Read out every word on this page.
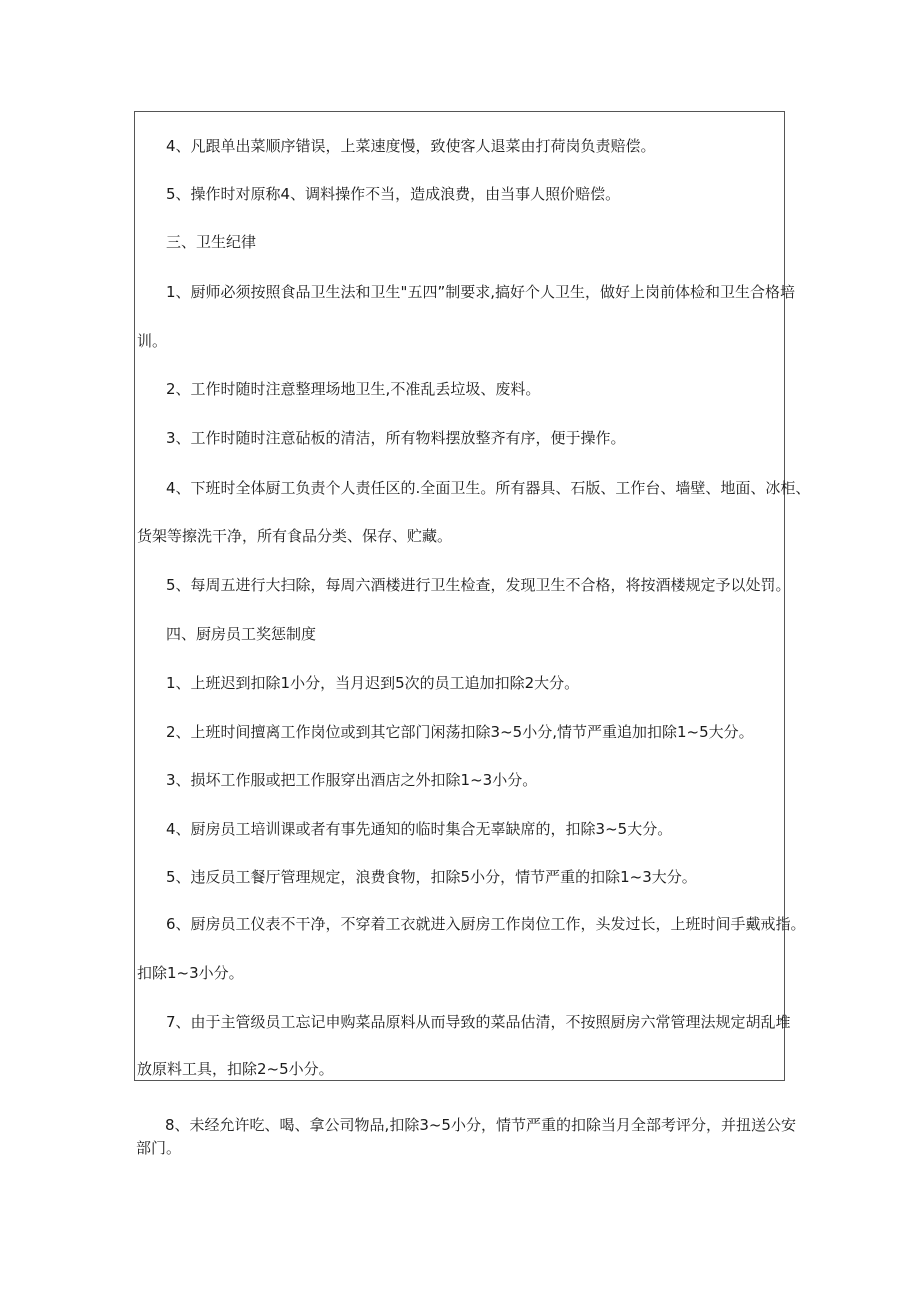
4、凡跟单出菜顺序错误，上菜速度慢，致使客人退菜由打荷岗负责赔偿。
5、操作时对原称4、调料操作不当，造成浪费，由当事人照价赔偿。
三、卫生纪律
1、厨师必须按照食品卫生法和卫生"五四”制要求,搞好个人卫生，做好上岗前体检和卫生合格培
训。
2、工作时随时注意整理场地卫生,不准乱丢垃圾、废料。
3、工作时随时注意砧板的清洁，所有物料摆放整齐有序，便于操作。
4、下班时全体厨工负责个人责任区的.全面卫生。所有器具、石版、工作台、墙壁、地面、冰柜、
货架等擦洗干净，所有食品分类、保存、贮藏。
5、每周五进行大扫除，每周六酒楼进行卫生检查，发现卫生不合格，将按酒楼规定予以处罚。
四、厨房员工奖惩制度
1、上班迟到扣除1小分，当月迟到5次的员工追加扣除2大分。
2、上班时间擅离工作岗位或到其它部门闲荡扣除3~5小分,情节严重追加扣除1~5大分。
3、损坏工作服或把工作服穿出酒店之外扣除1~3小分。
4、厨房员工培训课或者有事先通知的临时集合无辜缺席的，扣除3~5大分。
5、违反员工餐厅管理规定，浪费食物，扣除5小分，情节严重的扣除1~3大分。
6、厨房员工仪表不干净，不穿着工衣就进入厨房工作岗位工作，头发过长，上班时间手戴戒指。
扣除1~3小分。
7、由于主管级员工忘记申购菜品原料从而导致的菜品估清，不按照厨房六常管理法规定胡乱堆
放原料工具，扣除2~5小分。
8、未经允许吃、喝、拿公司物品,扣除3~5小分，情节严重的扣除当月全部考评分，并扭送公安
部门。
